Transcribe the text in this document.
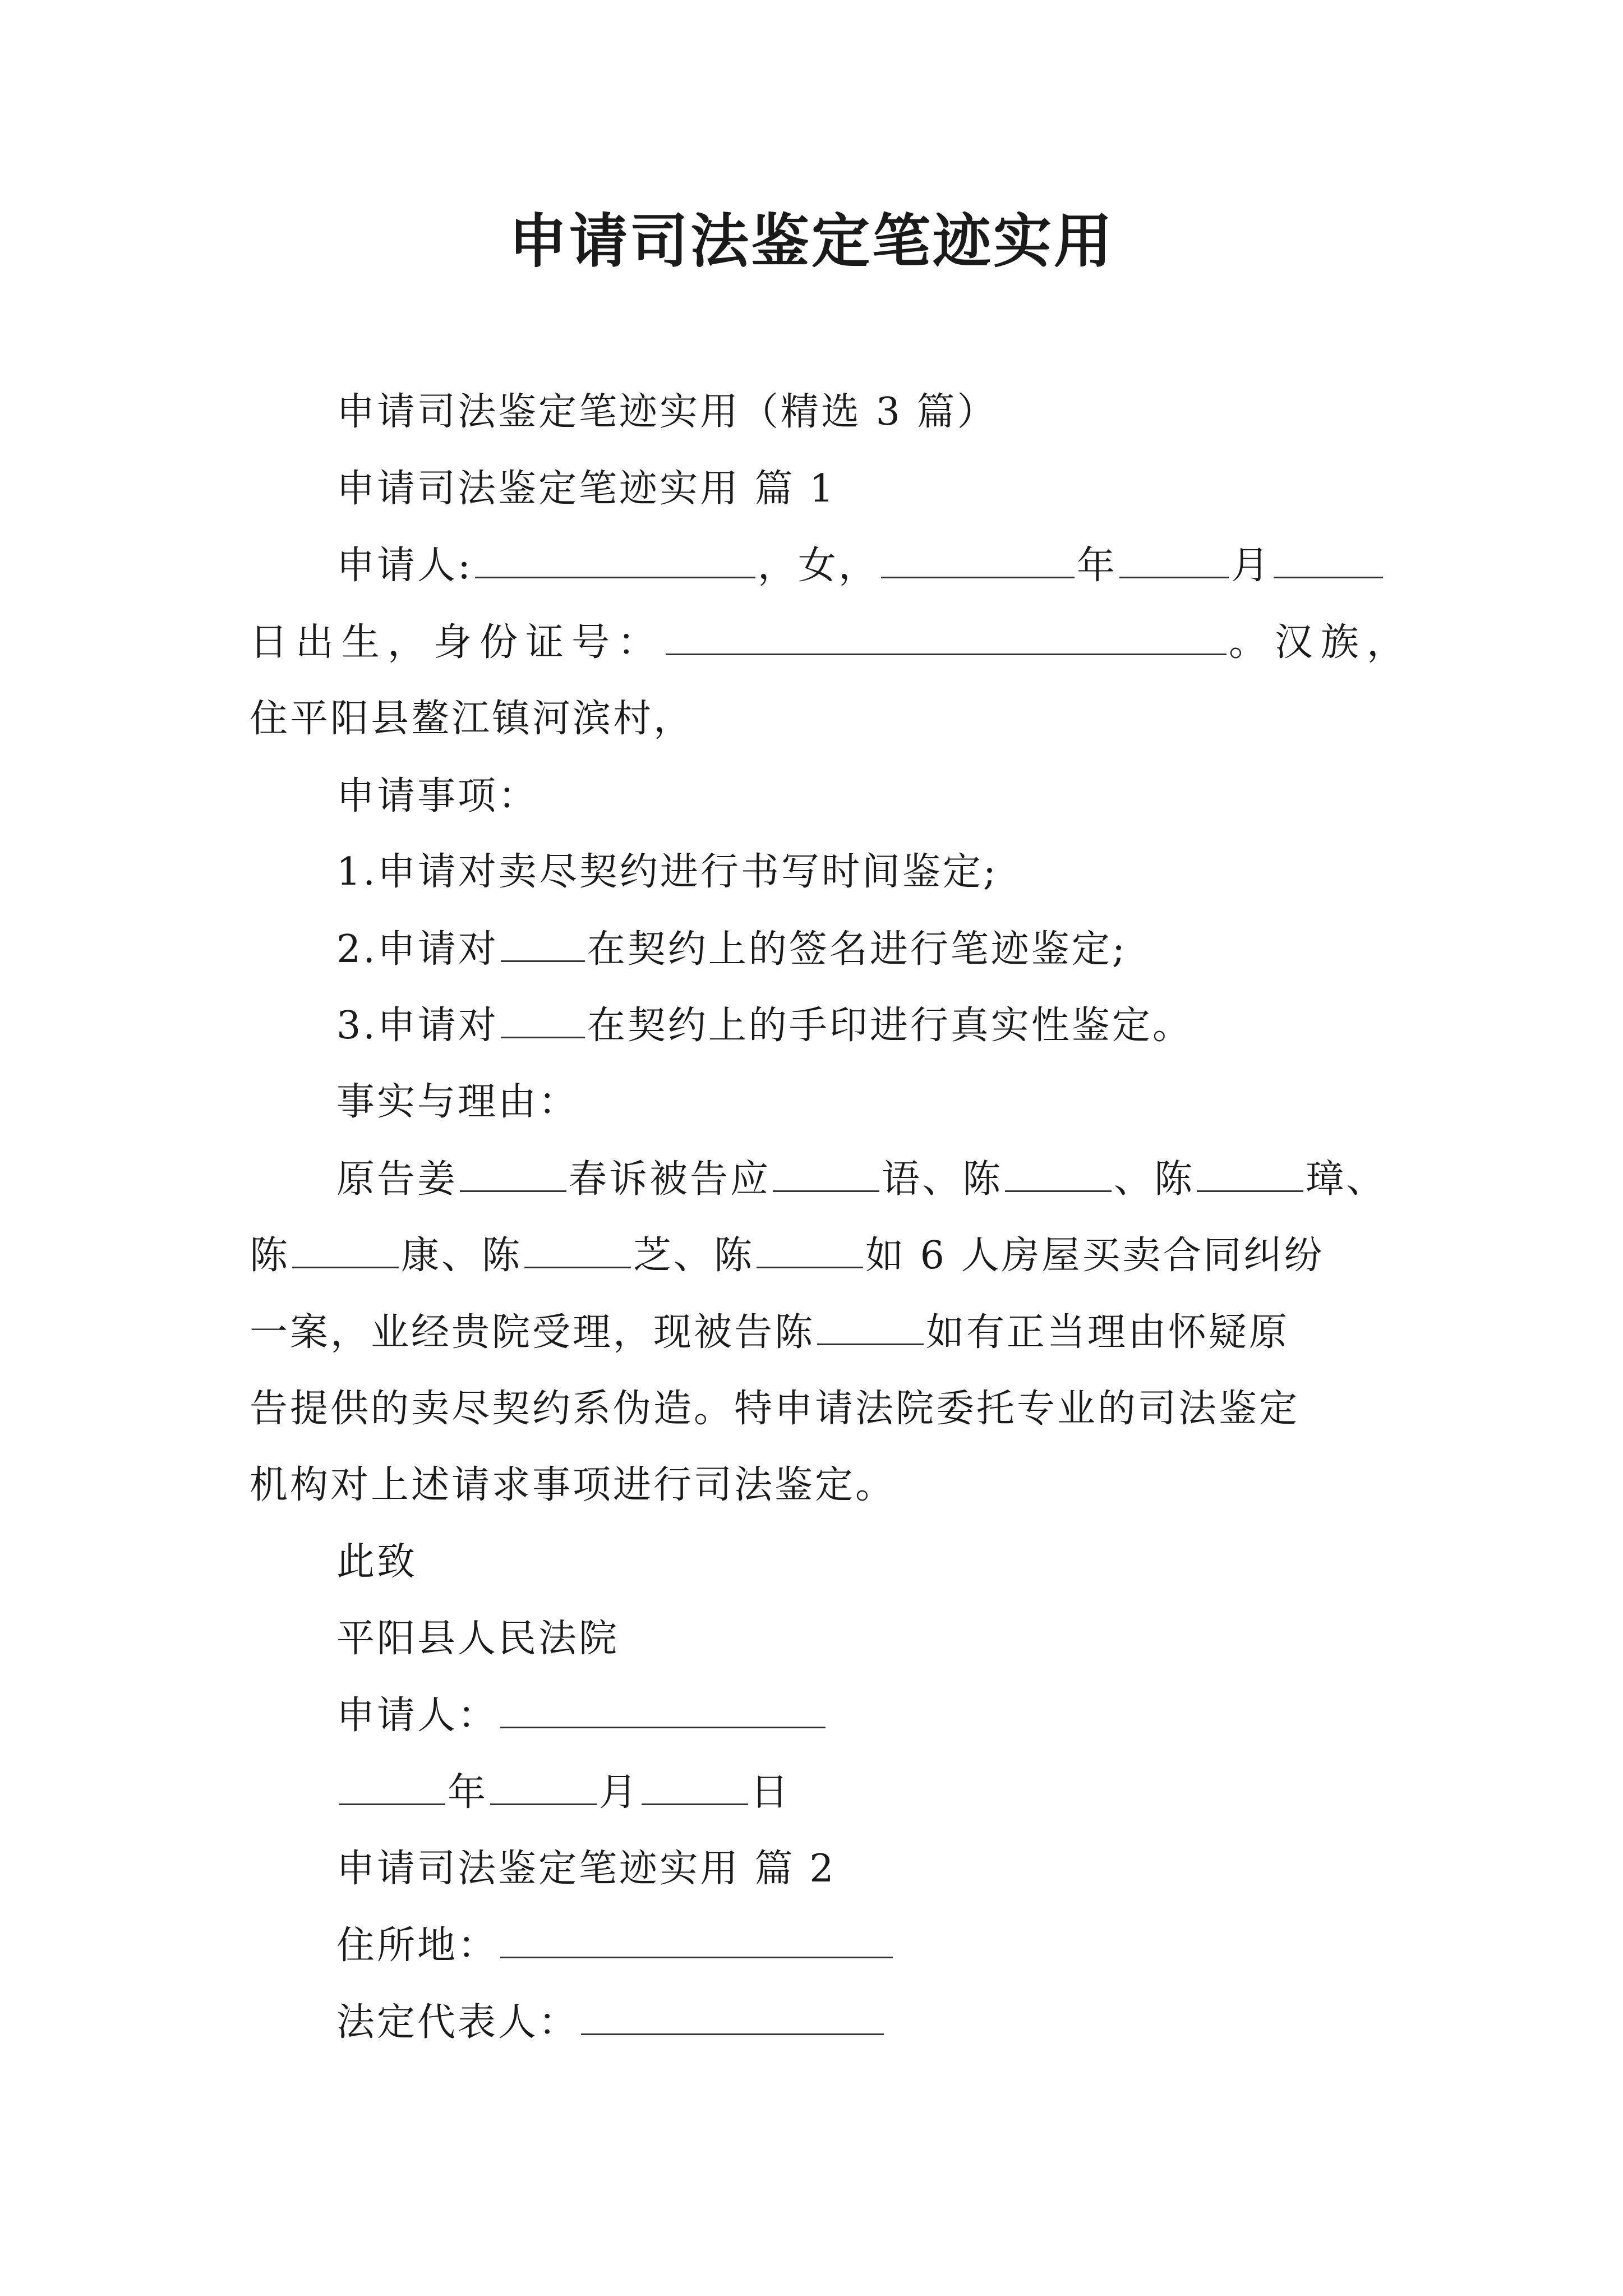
申请司法鉴定笔迹实用
申请司法鉴定笔迹实用（精选 3 篇）
申请司法鉴定笔迹实用 篇 1
申请人:	，女，	年	月
日出生，身份证号：	。汉族，
住平阳县鳌江镇河滨村，
申请事项：
1.申请对卖尽契约进行书写时间鉴定;
2.申请对 在契约上的签名进行笔迹鉴定;
3.申请对 在契约上的手印进行真实性鉴定。
事实与理由：
原告姜	春诉被告应	语、陈	、陈	璋、
陈	康、陈	芝、陈	如 6 人房屋买卖合同纠纷
一案，业经贵院受理，现被告陈	如有正当理由怀疑原
告提供的卖尽契约系伪造。特申请法院委托专业的司法鉴定
机构对上述请求事项进行司法鉴定。
此致
平阳县人民法院
申请人：
年	月	日
申请司法鉴定笔迹实用 篇 2
住所地：
法定代表人：
